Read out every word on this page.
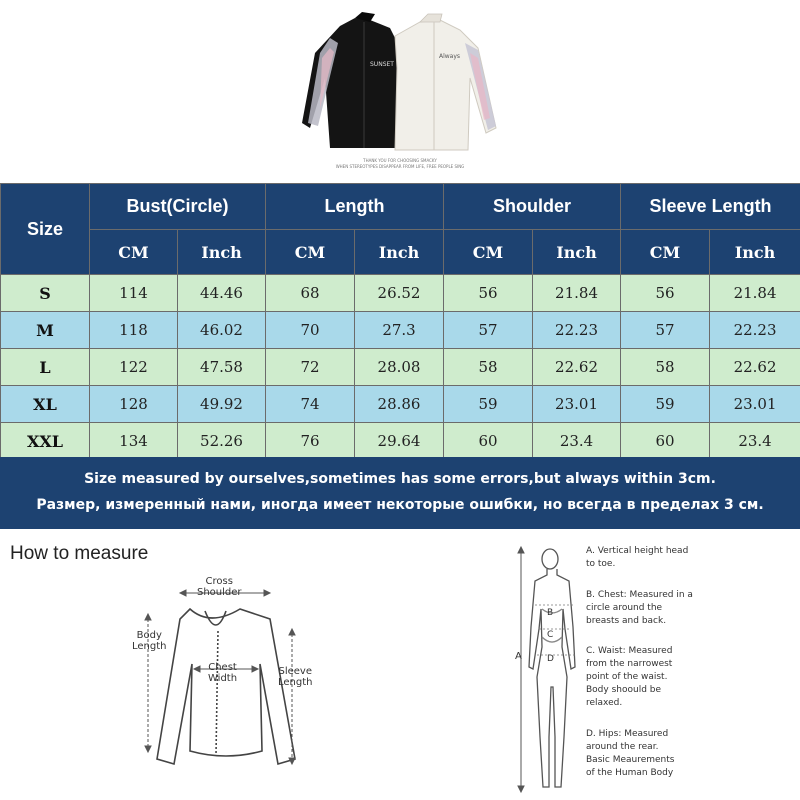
SUNSET
Always
THANK YOU FOR CHOOSING SMACKY
WHEN STEREOTYPES DISAPPEAR FROM LIFE, FREE PEOPLE SING
Size	Bust(Circle)		Length		Shoulder		Sleeve Length	
	CM	Inch	CM	Inch	CM	Inch	CM	Inch
S	114	44.46	68	26.52	56	21.84	56	21.84
M	118	46.02	70	27.3	57	22.23	57	22.23
L	122	47.58	72	28.08	58	22.62	58	22.62
XL	128	49.92	74	28.86	59	23.01	59	23.01
XXL	134	52.26	76	29.64	60	23.4	60	23.4
Size measured by ourselves,sometimes has some errors,but always within 3cm.
Размер, измеренный нами, иногда имеет некоторые ошибки, но всегда в пределах 3 см.
How to measure
Cross
Shoulder
Body
Length
Chest
Width
Sleeve
Length
A
B
C
D
A. Vertical height head
to toe.
B. Chest: Measured in a
circle around the
breasts and back.
C. Waist: Measured
from the narrowest
point of the waist.
Body shoould be
relaxed.
D. Hips: Measured
around the rear.
Basic Meaurements
of the Human Body
